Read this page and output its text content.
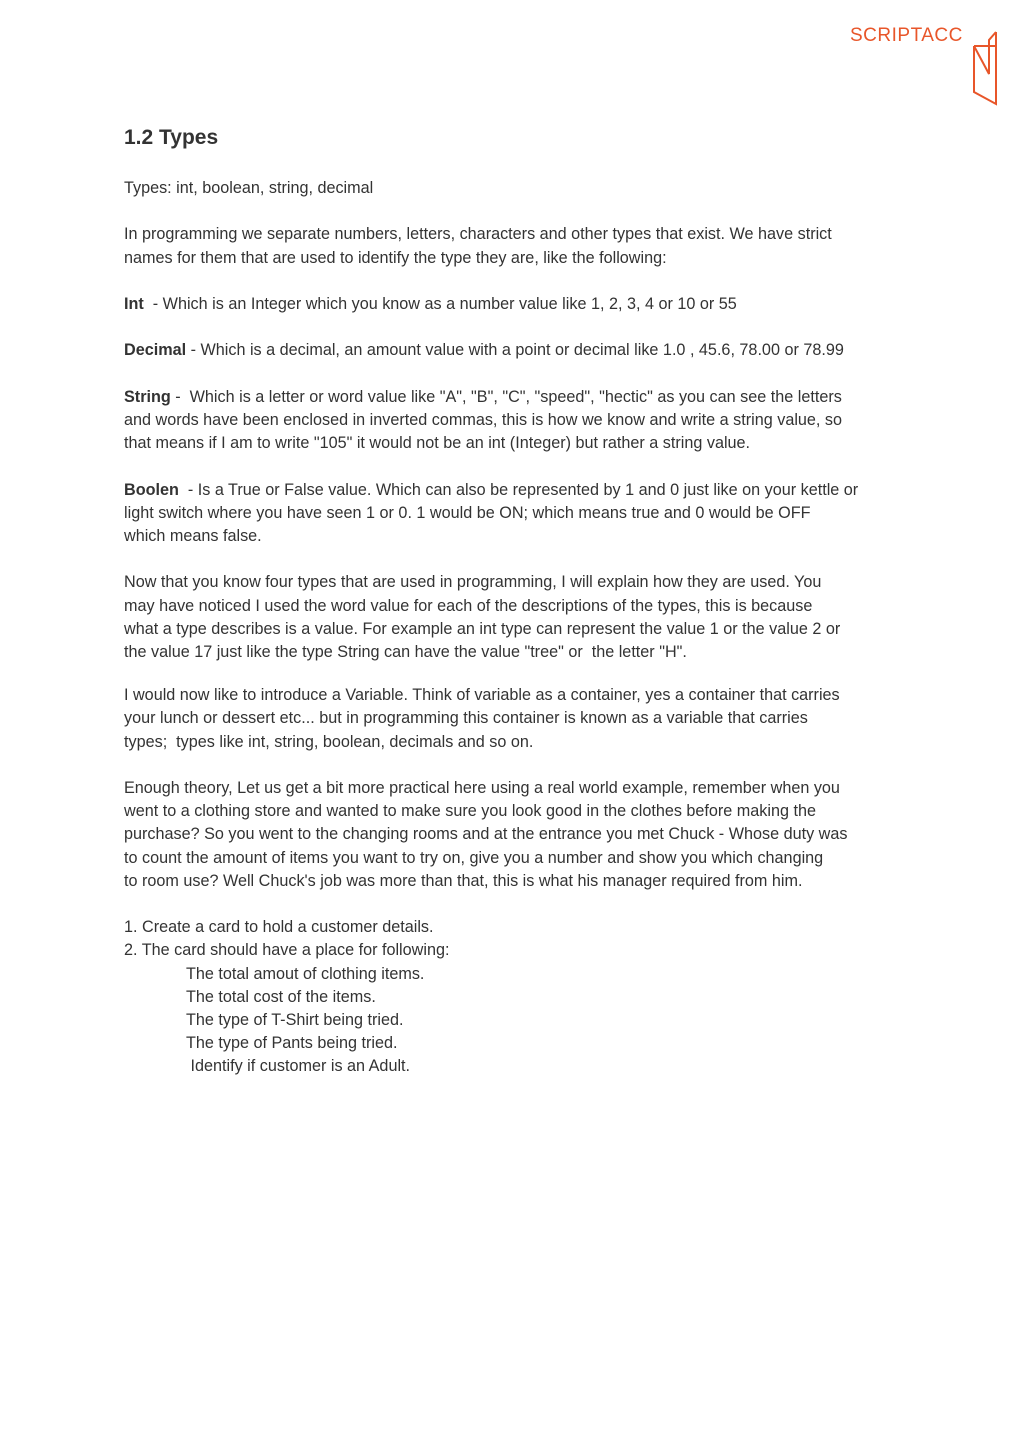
SCRIPTACC
1.2 Types

Types: int, boolean, string, decimal

In programming we separate numbers, letters, characters and other types that exist. We have strict
names for them that are used to identify the type they are, like the following:

Int  - Which is an Integer which you know as a number value like 1, 2, 3, 4 or 10 or 55

Decimal - Which is a decimal, an amount value with a point or decimal like 1.0 , 45.6, 78.00 or 78.99

String -  Which is a letter or word value like "A", "B", "C", "speed", "hectic" as you can see the letters
and words have been enclosed in inverted commas, this is how we know and write a string value, so
that means if I am to write "105" it would not be an int (Integer) but rather a string value.

Boolen  - Is a True or False value. Which can also be represented by 1 and 0 just like on your kettle or
light switch where you have seen 1 or 0. 1 would be ON; which means true and 0 would be OFF
which means false.

Now that you know four types that are used in programming, I will explain how they are used. You
may have noticed I used the word value for each of the descriptions of the types, this is because
what a type describes is a value. For example an int type can represent the value 1 or the value 2 or
the value 17 just like the type String can have the value "tree" or  the letter "H".

I would now like to introduce a Variable. Think of variable as a container, yes a container that carries
your lunch or dessert etc... but in programming this container is known as a variable that carries
types;  types like int, string, boolean, decimals and so on.

Enough theory, Let us get a bit more practical here using a real world example, remember when you
went to a clothing store and wanted to make sure you look good in the clothes before making the
purchase? So you went to the changing rooms and at the entrance you met Chuck - Whose duty was
to count the amount of items you want to try on, give you a number and show you which changing
to room use? Well Chuck's job was more than that, this is what his manager required from him.

1. Create a card to hold a customer details.
2. The card should have a place for following:
The total amout of clothing items.
The total cost of the items.
The type of T-Shirt being tried.
The type of Pants being tried.
Identify if customer is an Adult.
